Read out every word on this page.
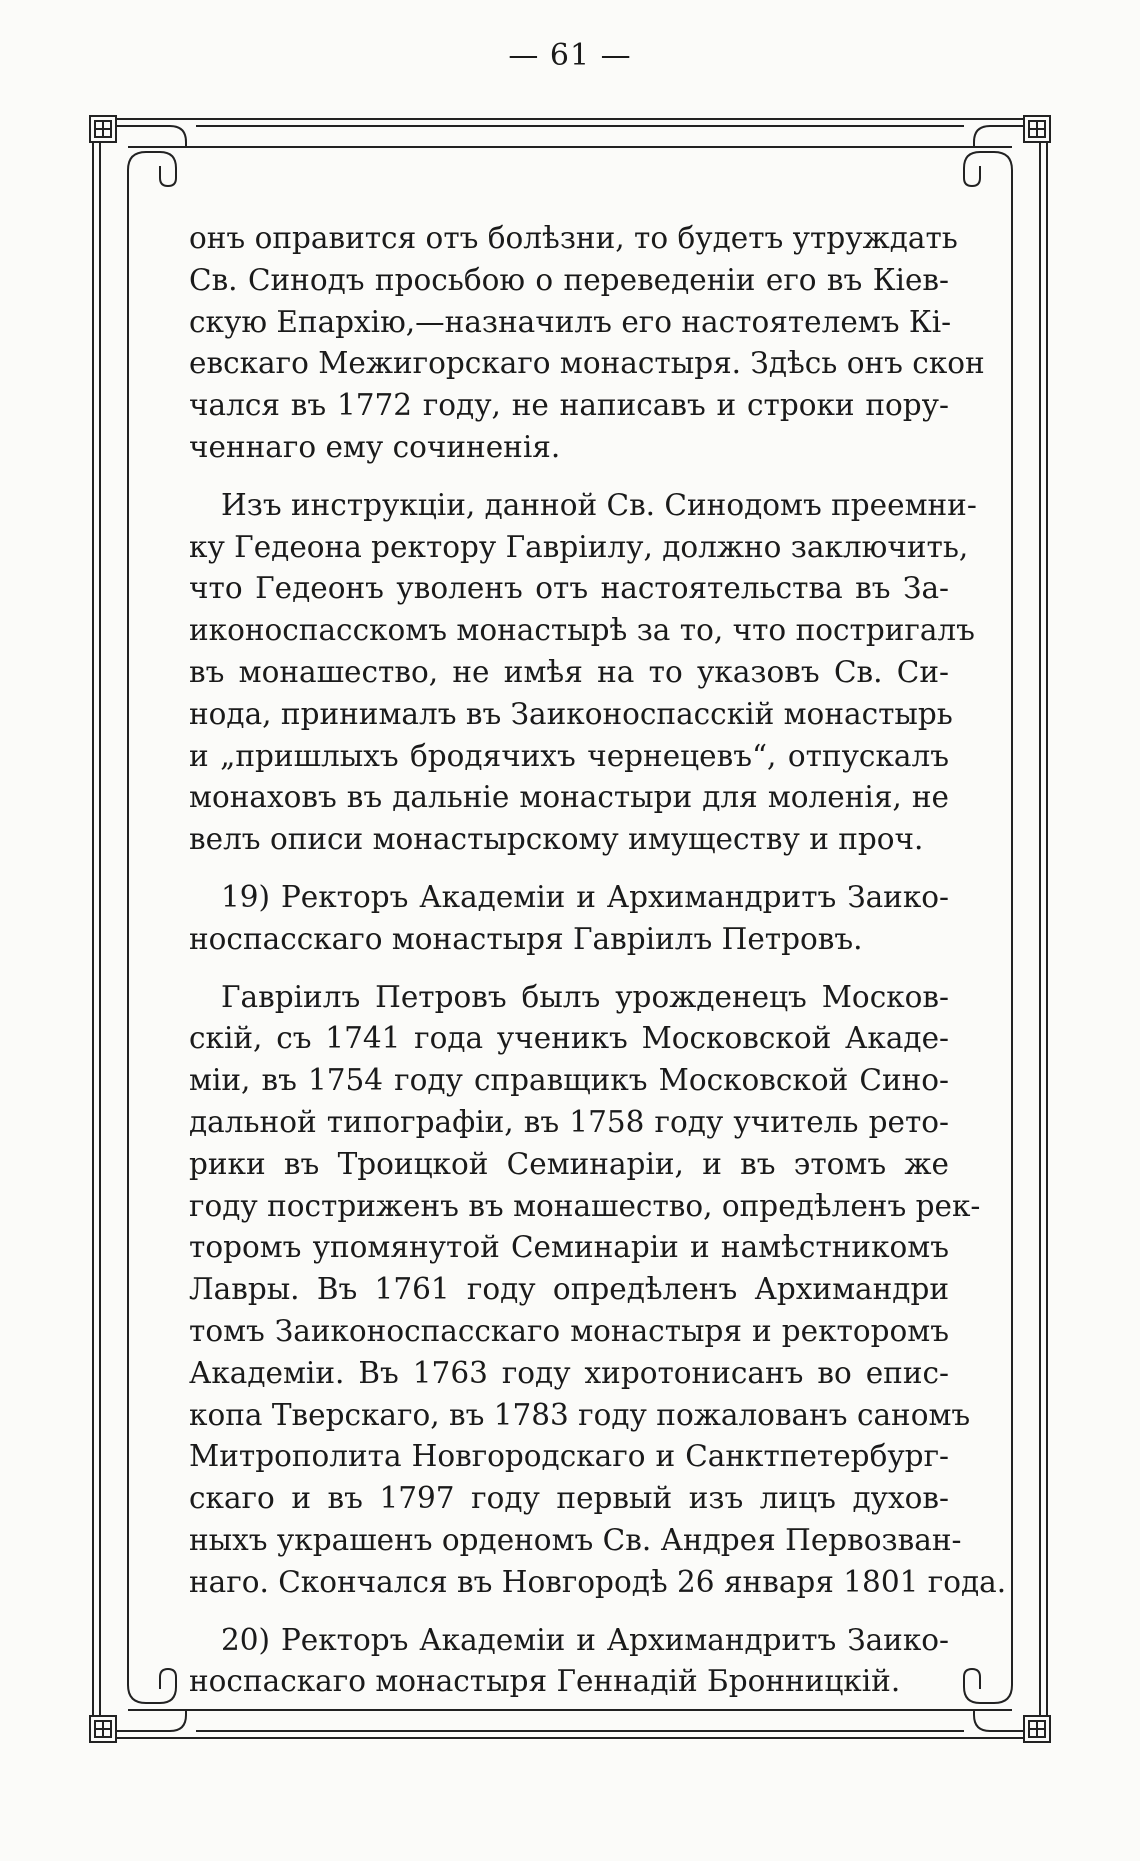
— 61 —
онъ оправится отъ болѣзни, то будетъ утруждать
Св. Синодъ просьбою о переведенiи его въ Кiев-
скую Епархiю,—назначилъ его настоятелемъ Кi-
евскаго Межигорскаго монастыря. Здѣсь онъ скон
чался въ 1772 году, не написавъ и строки пору-
ченнаго ему сочиненiя.
Изъ инструкцiи, данной Св. Синодомъ преемни-
ку Гедеона ректору Гаврiилу, должно заключить,
что Гедеонъ уволенъ отъ настоятельства въ За-
иконоспасскомъ монастырѣ за то, что постригалъ
въ монашество, не имѣя на то указовъ Св. Си-
нода, принималъ въ Заиконоспасскiй монастырь
и „пришлыхъ бродячихъ чернецевъ“, отпускалъ
монаховъ въ дальнiе монастыри для моленiя, не
велъ описи монастырскому имуществу и проч.
19) Ректоръ Академiи и Архимандритъ Заико-
носпасскаго монастыря Гаврiилъ Петровъ.
Гаврiилъ Петровъ былъ урожденецъ Москов-
скiй, съ 1741 года ученикъ Московской Акаде-
мiи, въ 1754 году справщикъ Московской Сино-
дальной типографiи, въ 1758 году учитель рето-
рики въ Троицкой Семинарiи, и въ этомъ же
году постриженъ въ монашество, опредѣленъ рек-
торомъ упомянутой Семинарiи и намѣстникомъ
Лавры. Въ 1761 году опредѣленъ Архимандри
томъ Заиконоспасскаго монастыря и ректоромъ
Академiи. Въ 1763 году хиротонисанъ во епис-
копа Тверскаго, въ 1783 году пожалованъ саномъ
Митрополита Новгородскаго и Санктпетербург-
скаго и въ 1797 году первый изъ лицъ духов-
ныхъ украшенъ орденомъ Св. Андрея Первозван-
наго. Скончался въ Новгородѣ 26 января 1801 года.
20) Ректоръ Академiи и Архимандритъ Заико-
носпаскаго монастыря Геннадiй Бронницкiй.
